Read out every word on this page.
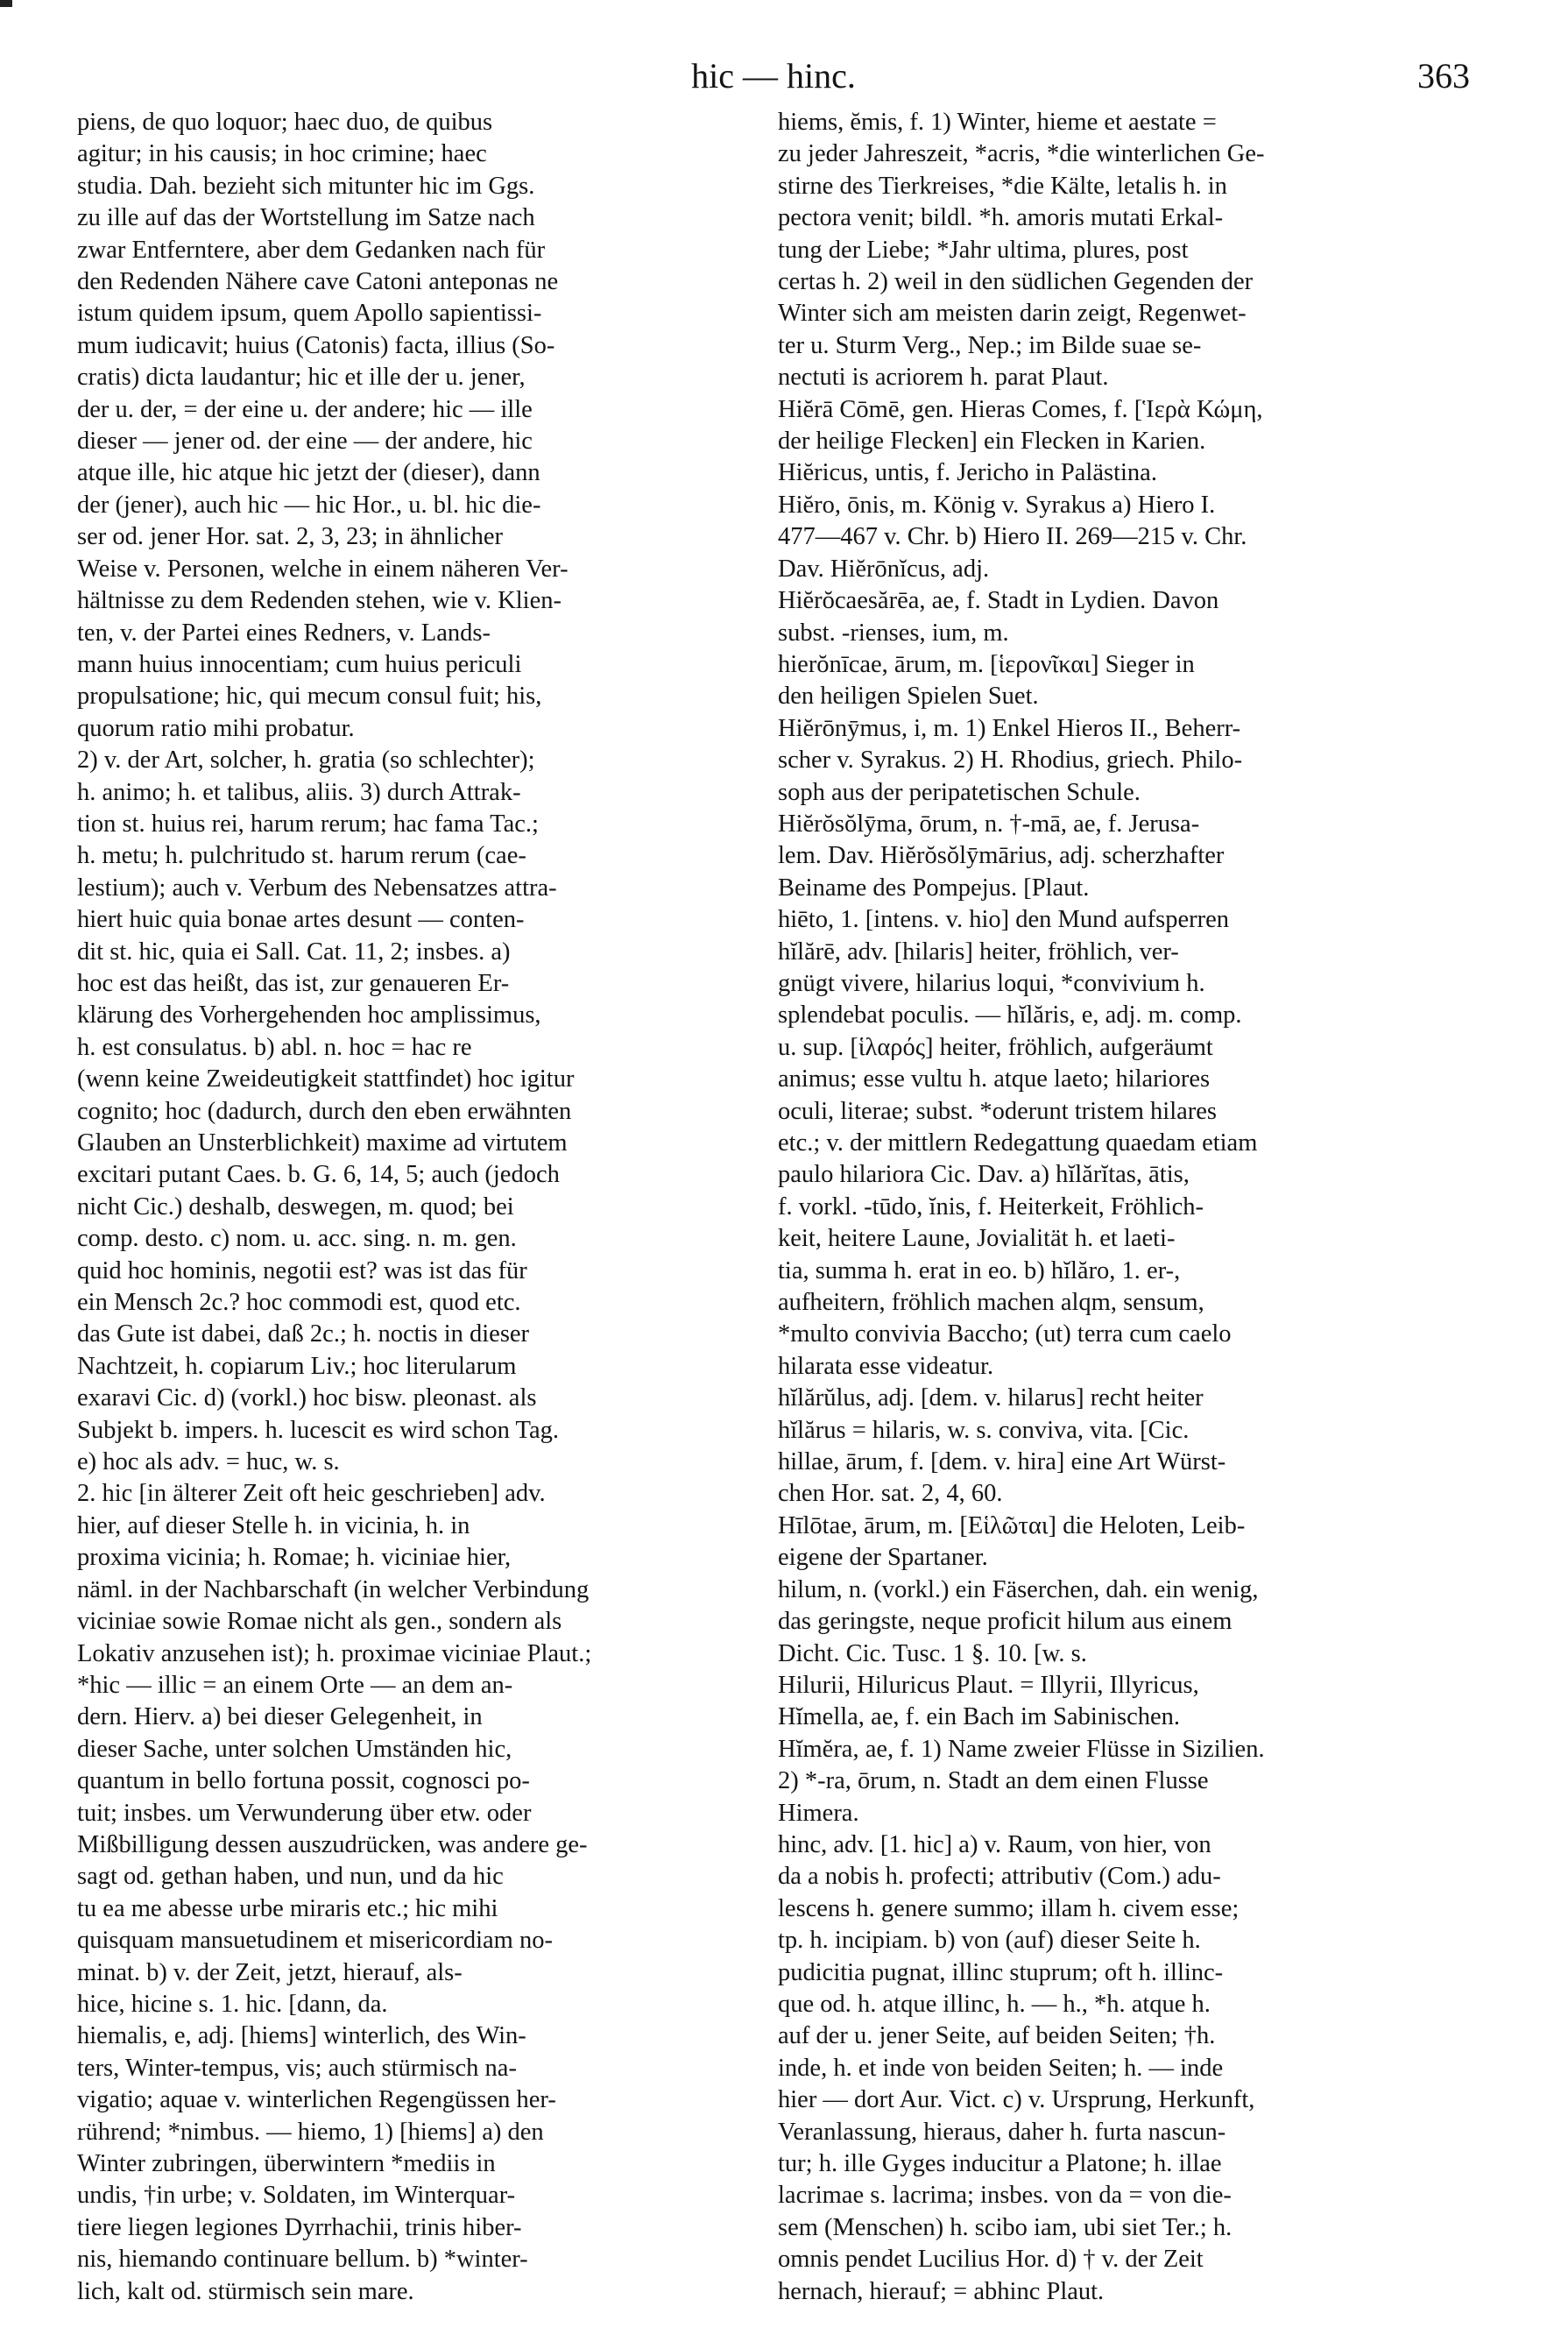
hic — hinc.	363
piens, de quo loquor; haec duo, de quibus
agitur; in his causis; in hoc crimine; haec
studia. Dah. bezieht sich mitunter hic im Ggs.
zu ille auf das der Wortstellung im Satze nach
zwar Entferntere, aber dem Gedanken nach für
den Redenden Nähere cave Catoni anteponas ne
istum quidem ipsum, quem Apollo sapientissi-
mum iudicavit; huius (Catonis) facta, illius (So-
cratis) dicta laudantur; hic et ille der u. jener,
der u. der, = der eine u. der andere; hic — ille
dieser — jener od. der eine — der andere, hic
atque ille, hic atque hic jetzt der (dieser), dann
der (jener), auch hic — hic Hor., u. bl. hic die-
ser od. jener Hor. sat. 2, 3, 23; in ähnlicher
Weise v. Personen, welche in einem näheren Ver-
hältnisse zu dem Redenden stehen, wie v. Klien-
ten, v. der Partei eines Redners, v. Lands-
mann huius innocentiam; cum huius periculi
propulsatione; hic, qui mecum consul fuit; his,
quorum ratio mihi probatur.
2) v. der Art, solcher, h. gratia (so schlechter);
h. animo; h. et talibus, aliis. 3) durch Attrak-
tion st. huius rei, harum rerum; hac fama Tac.;
h. metu; h. pulchritudo st. harum rerum (cae-
lestium); auch v. Verbum des Nebensatzes attra-
hiert huic quia bonae artes desunt — conten-
dit st. hic, quia ei Sall. Cat. 11, 2; insbes. a)
hoc est das heißt, das ist, zur genaueren Er-
klärung des Vorhergehenden hoc amplissimus,
h. est consulatus. b) abl. n. hoc = hac re
(wenn keine Zweideutigkeit stattfindet) hoc igitur
cognito; hoc (dadurch, durch den eben erwähnten
Glauben an Unsterblichkeit) maxime ad virtutem
excitari putant Caes. b. G. 6, 14, 5; auch (jedoch
nicht Cic.) deshalb, deswegen, m. quod; bei
comp. desto. c) nom. u. acc. sing. n. m. gen.
quid hoc hominis, negotii est? was ist das für
ein Mensch 2c.? hoc commodi est, quod etc.
das Gute ist dabei, daß 2c.; h. noctis in dieser
Nachtzeit, h. copiarum Liv.; hoc literularum
exaravi Cic. d) (vorkl.) hoc bisw. pleonast. als
Subjekt b. impers. h. lucescit es wird schon Tag.
e) hoc als adv. = huc, w. s.
2. hic [in älterer Zeit oft heic geschrieben] adv.
hier, auf dieser Stelle h. in vicinia, h. in
proxima vicinia; h. Romae; h. viciniae hier,
näml. in der Nachbarschaft (in welcher Verbindung
viciniae sowie Romae nicht als gen., sondern als
Lokativ anzusehen ist); h. proximae viciniae Plaut.;
*hic — illic = an einem Orte — an dem an-
dern. Hierv. a) bei dieser Gelegenheit, in
dieser Sache, unter solchen Umständen hic,
quantum in bello fortuna possit, cognosci po-
tuit; insbes. um Verwunderung über etw. oder
Mißbilligung dessen auszudrücken, was andere ge-
sagt od. gethan haben, und nun, und da hic
tu ea me abesse urbe miraris etc.; hic mihi
quisquam mansuetudinem et misericordiam no-
minat. b) v. der Zeit, jetzt, hierauf, als-
hice, hicine s. 1. hic. [dann, da.
hiemalis, e, adj. [hiems] winterlich, des Win-
ters, Winter-tempus, vis; auch stürmisch na-
vigatio; aquae v. winterlichen Regengüssen her-
rührend; *nimbus. — hiemo, 1) [hiems] a) den
Winter zubringen, überwintern *mediis in
undis, †in urbe; v. Soldaten, im Winterquar-
tiere liegen legiones Dyrrhachii, trinis hiber-
nis, hiemando continuare bellum. b) *winter-
lich, kalt od. stürmisch sein mare.
hiems, ĕmis, f. 1) Winter, hieme et aestate =
zu jeder Jahreszeit, *acris, *die winterlichen Ge-
stirne des Tierkreises, *die Kälte, letalis h. in
pectora venit; bildl. *h. amoris mutati Erkal-
tung der Liebe; *Jahr ultima, plures, post
certas h. 2) weil in den südlichen Gegenden der
Winter sich am meisten darin zeigt, Regenwet-
ter u. Sturm Verg., Nep.; im Bilde suae se-
nectuti is acriorem h. parat Plaut.
Hiĕrā Cōmē, gen. Hieras Comes, f. [Ἱερὰ Κώμη,
der heilige Flecken] ein Flecken in Karien.
Hiĕricus, untis, f. Jericho in Palästina.
Hiĕro, ōnis, m. König v. Syrakus a) Hiero I.
477—467 v. Chr. b) Hiero II. 269—215 v. Chr.
Dav. Hiĕrōnĭcus, adj.
Hiĕrŏcaesărēa, ae, f. Stadt in Lydien. Davon
subst. -rienses, ium, m.
hierŏnīcae, ārum, m. [ἱερονῖκαι] Sieger in
den heiligen Spielen Suet.
Hiĕrōnȳmus, i, m. 1) Enkel Hieros II., Beherr-
scher v. Syrakus. 2) H. Rhodius, griech. Philo-
soph aus der peripatetischen Schule.
Hiĕrŏsŏlȳma, ōrum, n. †-mā, ae, f. Jerusa-
lem. Dav. Hiĕrŏsŏlȳmārius, adj. scherzhafter
Beiname des Pompejus. [Plaut.
hiēto, 1. [intens. v. hio] den Mund aufsperren
hĭlărē, adv. [hilaris] heiter, fröhlich, ver-
gnügt vivere, hilarius loqui, *convivium h.
splendebat poculis. — hĭlăris, e, adj. m. comp.
u. sup. [ἱλαρός] heiter, fröhlich, aufgeräumt
animus; esse vultu h. atque laeto; hilariores
oculi, literae; subst. *oderunt tristem hilares
etc.; v. der mittlern Redegattung quaedam etiam
paulo hilariora Cic. Dav. a) hĭlărĭtas, ātis,
f. vorkl. -tūdo, ĭnis, f. Heiterkeit, Fröhlich-
keit, heitere Laune, Jovialität h. et laeti-
tia, summa h. erat in eo. b) hĭlăro, 1. er-,
aufheitern, fröhlich machen alqm, sensum,
*multo convivia Baccho; (ut) terra cum caelo
hilarata esse videatur.
hĭlărŭlus, adj. [dem. v. hilarus] recht heiter
hĭlărus = hilaris, w. s. conviva, vita. [Cic.
hillae, ārum, f. [dem. v. hira] eine Art Würst-
chen Hor. sat. 2, 4, 60.
Hīlōtae, ārum, m. [Εἱλῶται] die Heloten, Leib-
eigene der Spartaner.
hilum, n. (vorkl.) ein Fäserchen, dah. ein wenig,
das geringste, neque proficit hilum aus einem
Dicht. Cic. Tusc. 1 §. 10. [w. s.
Hilurii, Hiluricus Plaut. = Illyrii, Illyricus,
Hĭmella, ae, f. ein Bach im Sabinischen.
Hĭmĕra, ae, f. 1) Name zweier Flüsse in Sizilien.
2) *-ra, ōrum, n. Stadt an dem einen Flusse
Himera.
hinc, adv. [1. hic] a) v. Raum, von hier, von
da a nobis h. profecti; attributiv (Com.) adu-
lescens h. genere summo; illam h. civem esse;
tp. h. incipiam. b) von (auf) dieser Seite h.
pudicitia pugnat, illinc stuprum; oft h. illinc-
que od. h. atque illinc, h. — h., *h. atque h.
auf der u. jener Seite, auf beiden Seiten; †h.
inde, h. et inde von beiden Seiten; h. — inde
hier — dort Aur. Vict. c) v. Ursprung, Herkunft,
Veranlassung, hieraus, daher h. furta nascun-
tur; h. ille Gyges inducitur a Platone; h. illae
lacrimae s. lacrima; insbes. von da = von die-
sem (Menschen) h. scibo iam, ubi siet Ter.; h.
omnis pendet Lucilius Hor. d) † v. der Zeit
hernach, hierauf; = abhinc Plaut.
